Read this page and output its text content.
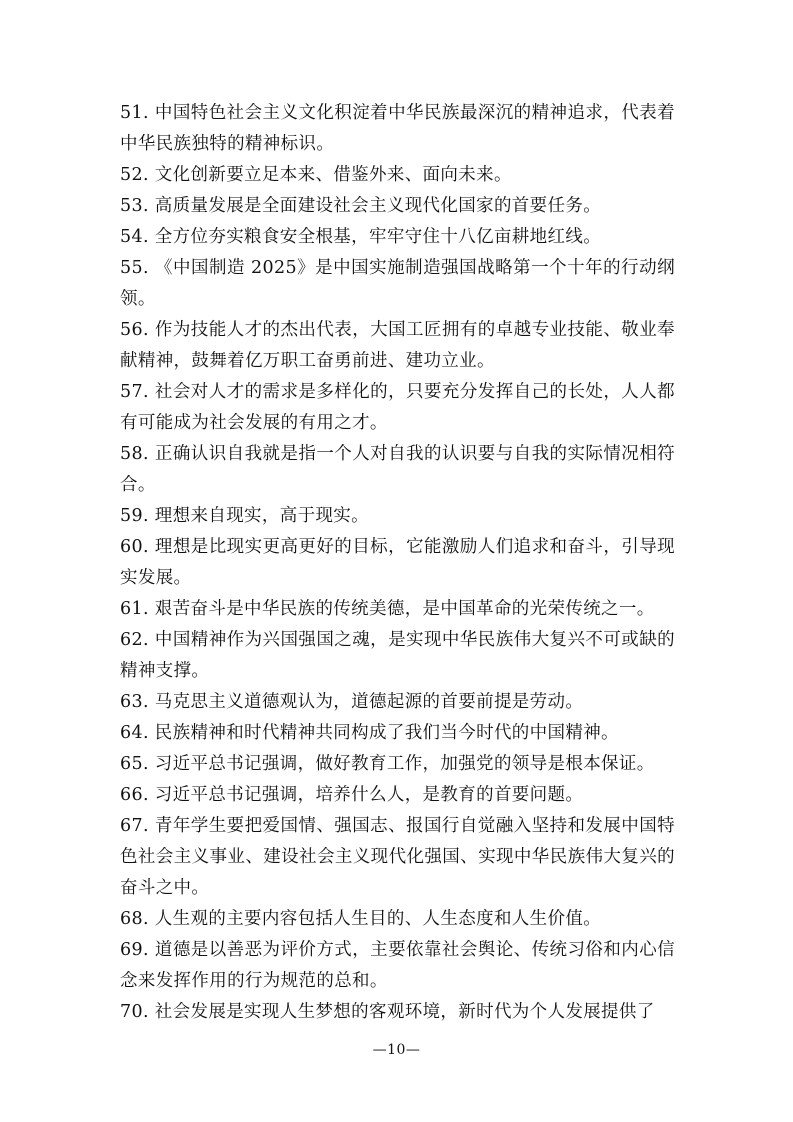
51. 中国特色社会主义文化积淀着中华民族最深沉的精神追求，代表着中华民族独特的精神标识。

52. 文化创新要立足本来、借鉴外来、面向未来。

53. 高质量发展是全面建设社会主义现代化国家的首要任务。

54. 全方位夯实粮食安全根基，牢牢守住十八亿亩耕地红线。

55. 《中国制造 2025》是中国实施制造强国战略第一个十年的行动纲领。

56. 作为技能人才的杰出代表，大国工匠拥有的卓越专业技能、敬业奉献精神，鼓舞着亿万职工奋勇前进、建功立业。

57. 社会对人才的需求是多样化的，只要充分发挥自己的长处，人人都有可能成为社会发展的有用之才。

58. 正确认识自我就是指一个人对自我的认识要与自我的实际情况相符合。

59. 理想来自现实，高于现实。

60. 理想是比现实更高更好的目标，它能激励人们追求和奋斗，引导现实发展。

61. 艰苦奋斗是中华民族的传统美德，是中国革命的光荣传统之一。

62. 中国精神作为兴国强国之魂，是实现中华民族伟大复兴不可或缺的精神支撑。

63. 马克思主义道德观认为，道德起源的首要前提是劳动。

64. 民族精神和时代精神共同构成了我们当今时代的中国精神。

65. 习近平总书记强调，做好教育工作，加强党的领导是根本保证。

66. 习近平总书记强调，培养什么人，是教育的首要问题。

67. 青年学生要把爱国情、强国志、报国行自觉融入坚持和发展中国特色社会主义事业、建设社会主义现代化强国、实现中华民族伟大复兴的奋斗之中。

68. 人生观的主要内容包括人生目的、人生态度和人生价值。

69. 道德是以善恶为评价方式，主要依靠社会舆论、传统习俗和内心信念来发挥作用的行为规范的总和。

70. 社会发展是实现人生梦想的客观环境，新时代为个人发展提供了

—10—
